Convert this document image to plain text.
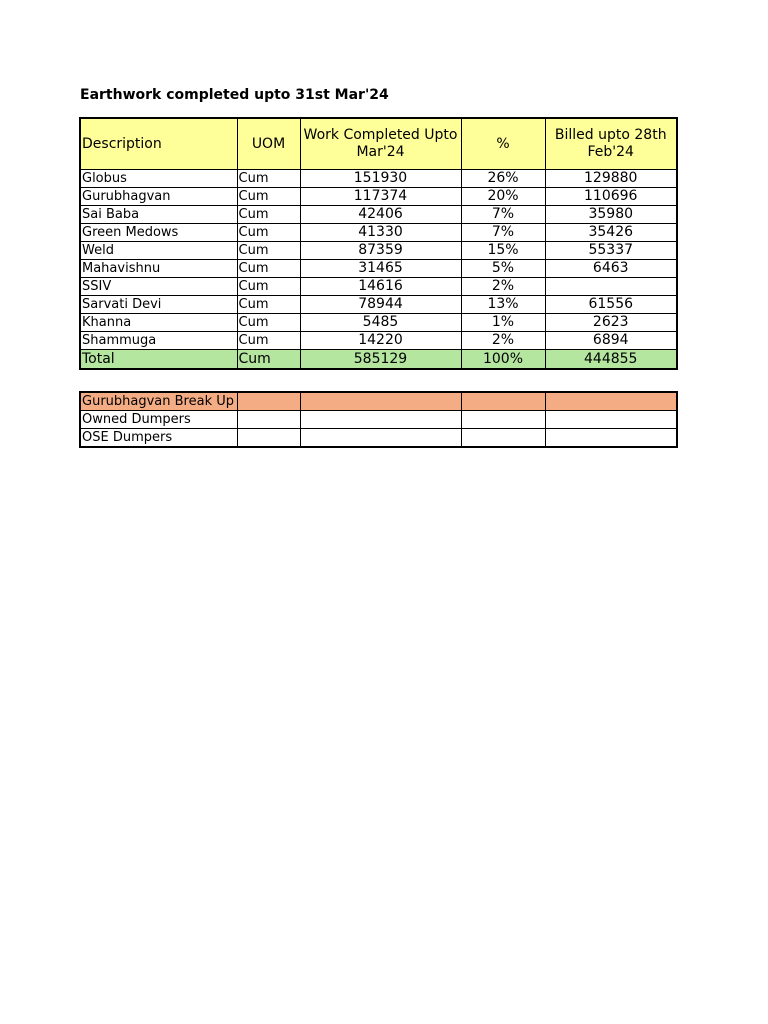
Earthwork completed upto 31st Mar'24
Description	UOM	Work Completed Upto Mar'24	%	Billed upto 28th Feb'24
Globus	Cum	151930	26%	129880
Gurubhagvan	Cum	117374	20%	110696
Sai Baba	Cum	42406	7%	35980
Green Medows	Cum	41330	7%	35426
Weld	Cum	87359	15%	55337
Mahavishnu	Cum	31465	5%	6463
SSIV	Cum	14616	2%	
Sarvati Devi	Cum	78944	13%	61556
Khanna	Cum	5485	1%	2623
Shammuga	Cum	14220	2%	6894
Total	Cum	585129	100%	444855
Gurubhagvan Break Up				
Owned Dumpers				
OSE Dumpers				
